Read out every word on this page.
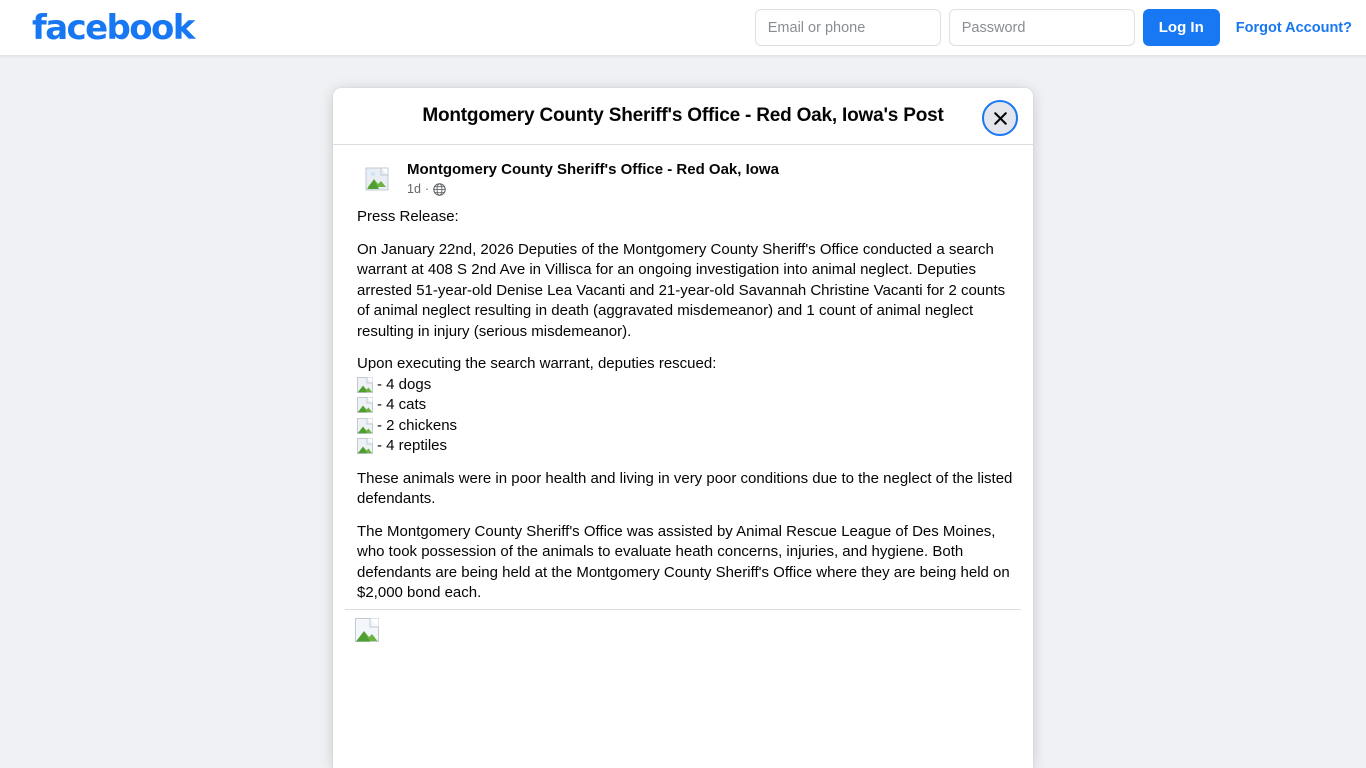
facebook
Email or phone	Log In	Forgot Account?
Montgomery County Sheriff's Office - Red Oak, Iowa's Post
Montgomery County Sheriff's Office - Red Oak, Iowa
1d ·

Press Release:

On January 22nd, 2026 Deputies of the Montgomery County Sheriff's Office conducted a search warrant at 408 S 2nd Ave in Villisca for an ongoing investigation into animal neglect. Deputies arrested 51-year-old Denise Lea Vacanti and 21-year-old Savannah Christine Vacanti for 2 counts of animal neglect resulting in death (aggravated misdemeanor) and 1 count of animal neglect resulting in injury (serious misdemeanor).

Upon executing the search warrant, deputies rescued:

- 4 dogs
- 4 cats
- 2 chickens
- 4 reptiles

These animals were in poor health and living in very poor conditions due to the neglect of the listed defendants.

The Montgomery County Sheriff's Office was assisted by Animal Rescue League of Des Moines, who took possession of the animals to evaluate heath concerns, injuries, and hygiene. Both defendants are being held at the Montgomery County Sheriff's Office where they are being held on $2,000 bond each.
